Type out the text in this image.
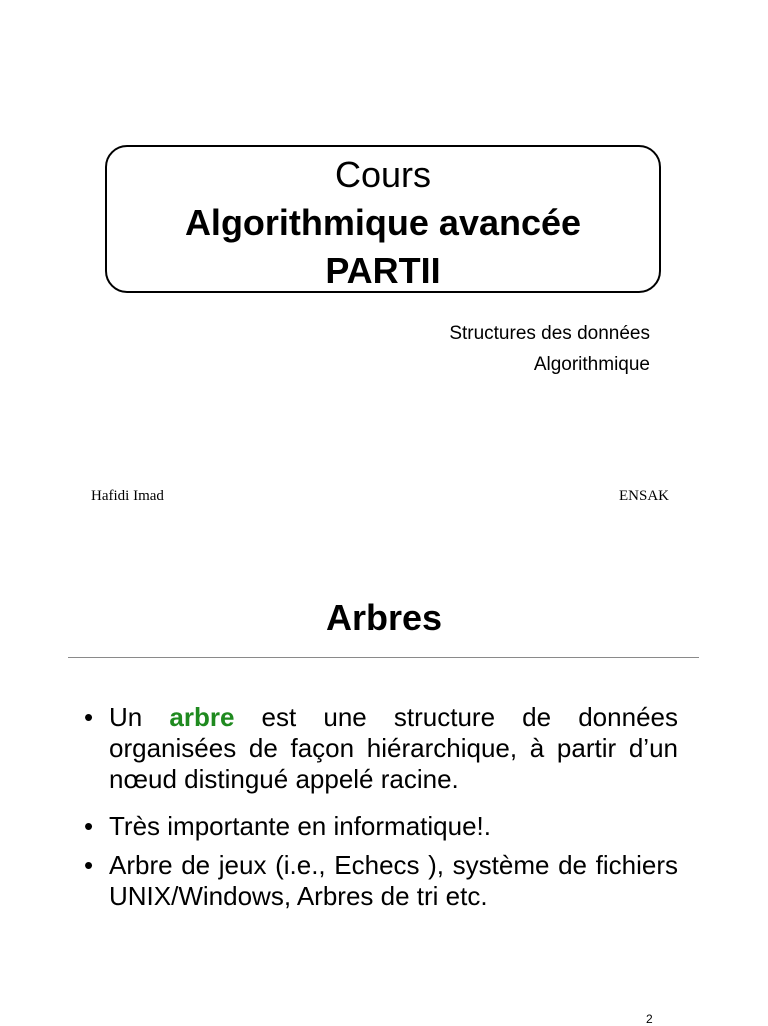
Cours
Algorithmique avancée
PARTII
Structures des données
Algorithmique
Hafidi Imad	ENSAK
Arbres
• Un arbre est une structure de données organisées de façon hiérarchique, à partir d’un nœud distingué appelé racine.
• Très importante en informatique!.
• Arbre de jeux (i.e., Echecs ), système de fichiers UNIX/Windows, Arbres de tri etc.
2
